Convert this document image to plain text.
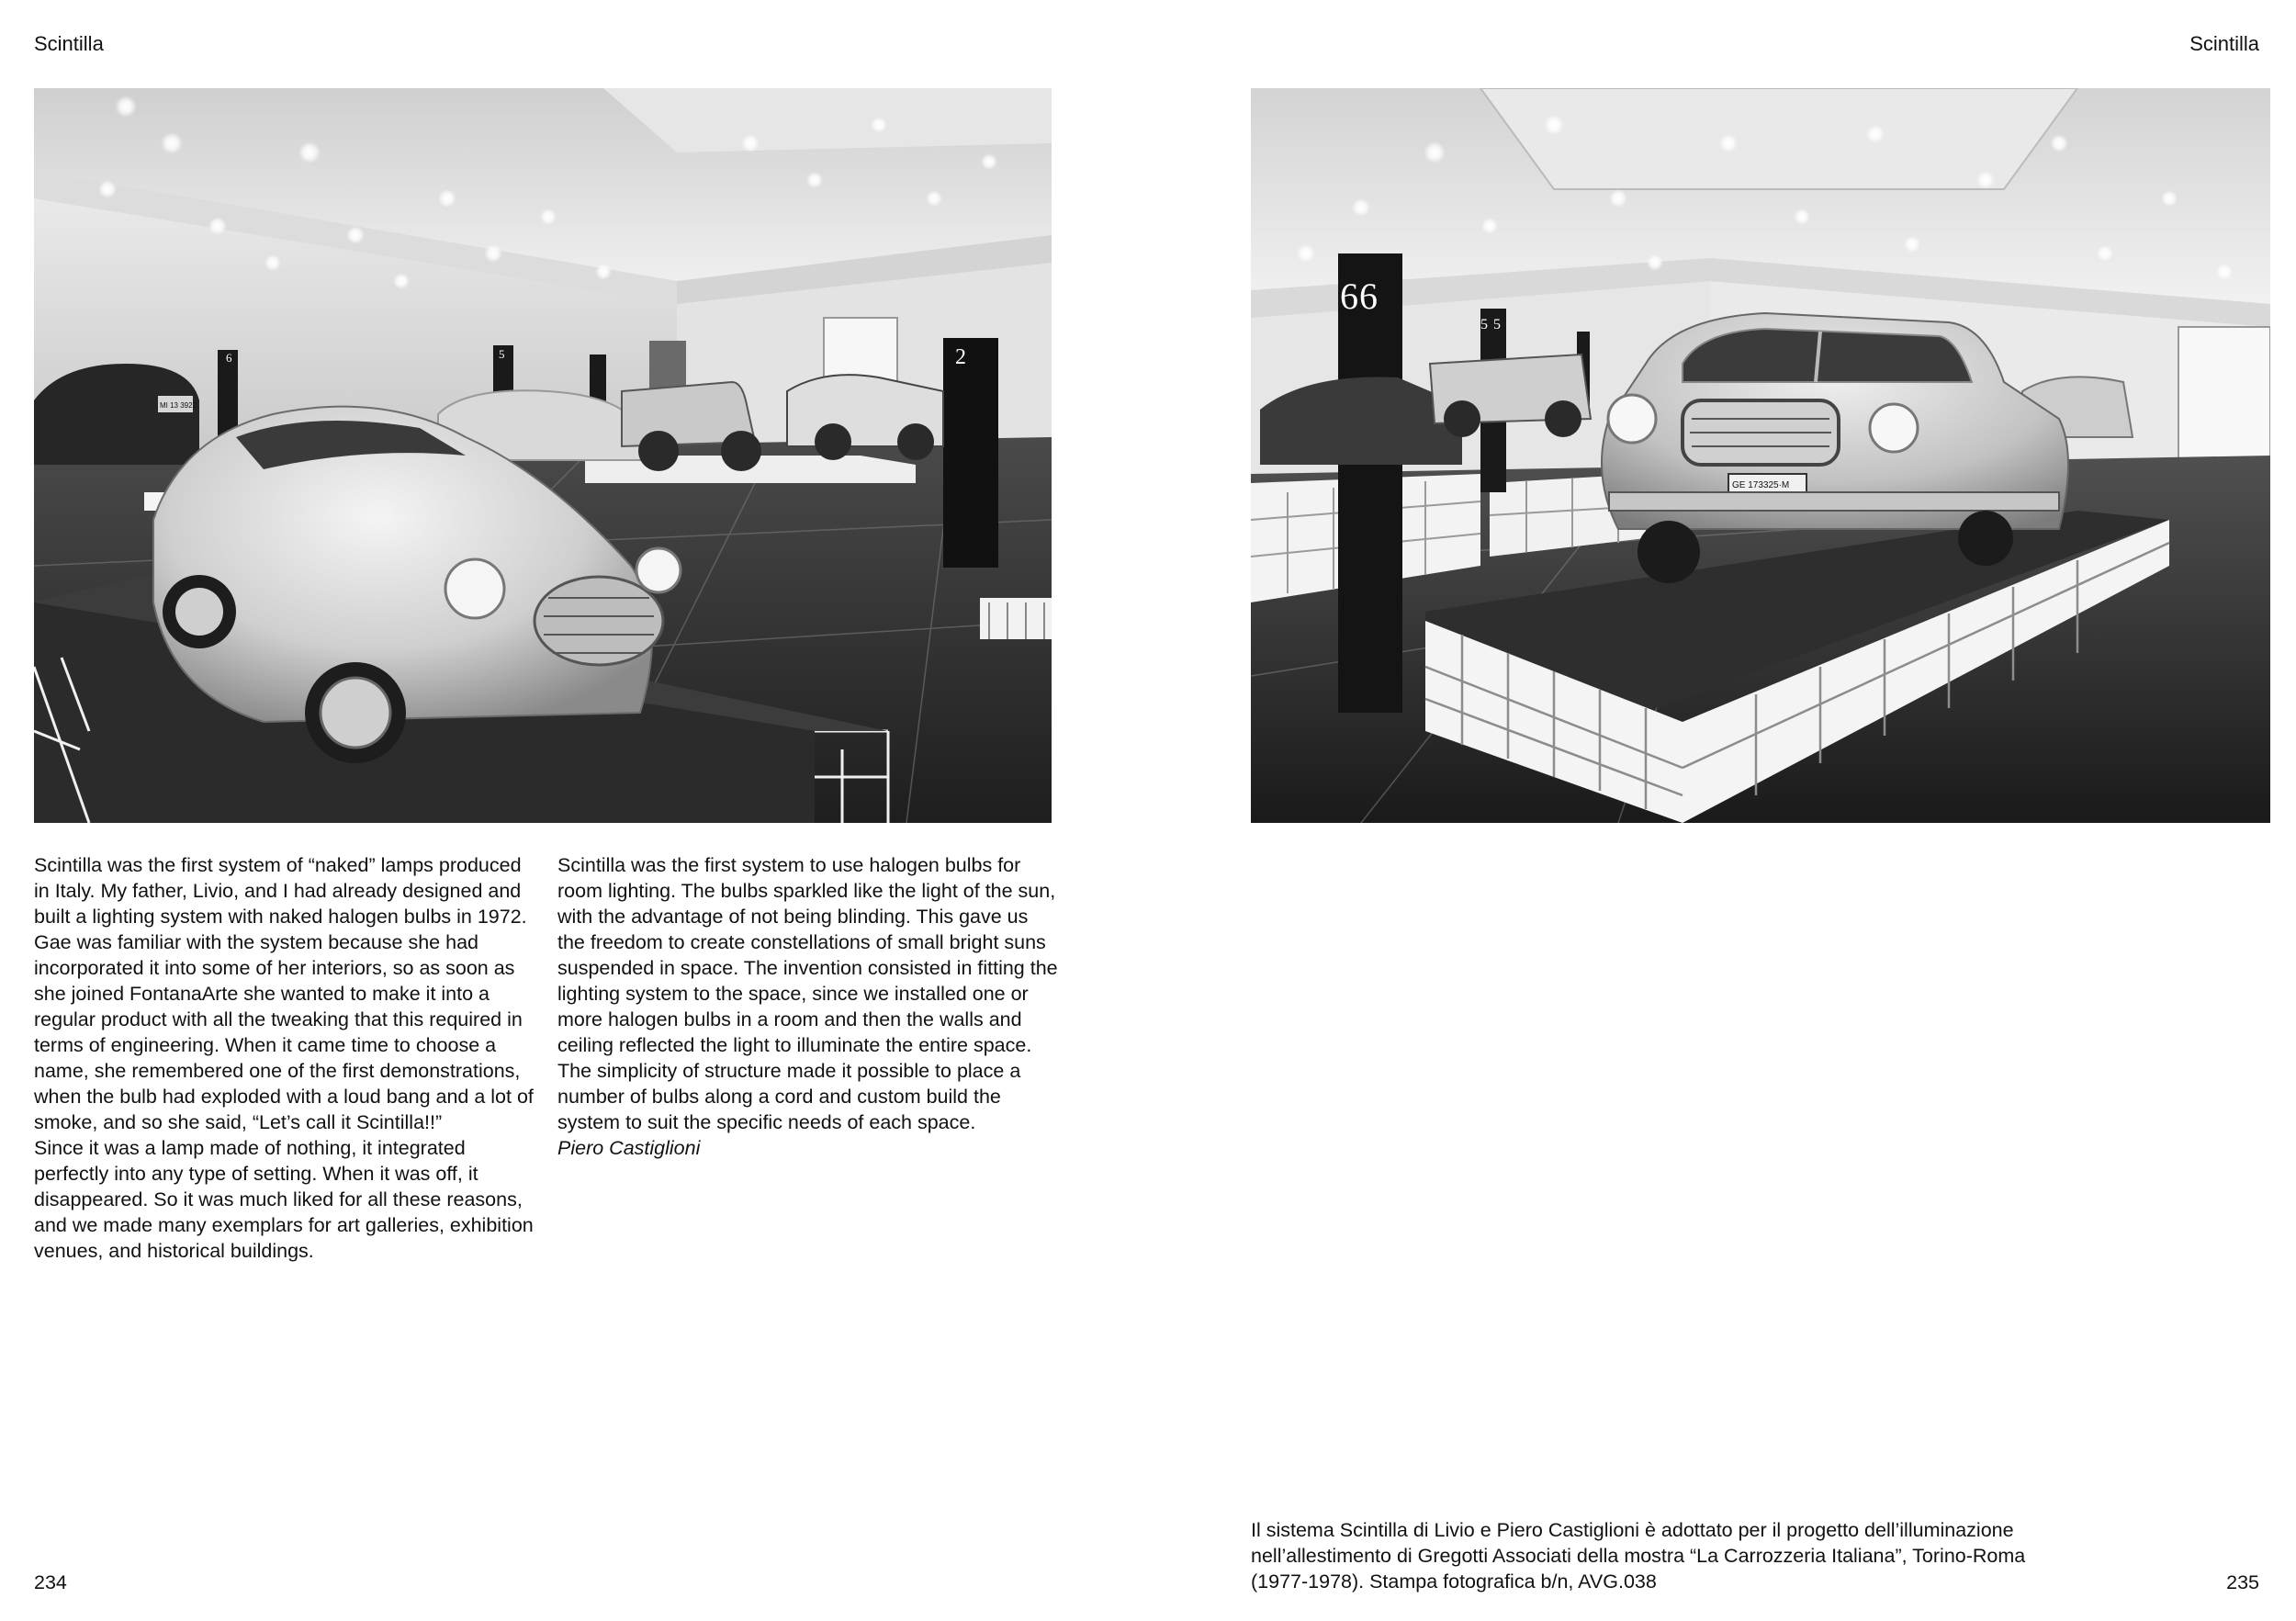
Scintilla	Scintilla
6	5	2
MI 13 3922
6 6
5 5
GE 173325·M
Scintilla was the first system of “naked” lamps produced in Italy. My father, Livio, and I had already designed and built a lighting system with naked halogen bulbs in 1972. Gae was familiar with the system because she had incorporated it into some of her interiors, so as soon as she joined FontanaArte she wanted to make it into a regular product with all the tweaking that this required in terms of engineering. When it came time to choose a name, she remembered one of the first demonstrations, when the bulb had exploded with a loud bang and a lot of smoke, and so she said, “Let’s call it Scintilla!!”
Since it was a lamp made of nothing, it integrated perfectly into any type of setting. When it was off, it disappeared. So it was much liked for all these reasons, and we made many exemplars for art galleries, exhibition venues, and historical buildings.
Scintilla was the first system to use halogen bulbs for room lighting. The bulbs sparkled like the light of the sun, with the advantage of not being blinding. This gave us the freedom to create constellations of small bright suns suspended in space. The invention consisted in fitting the lighting system to the space, since we installed one or more halogen bulbs in a room and then the walls and ceiling reflected the light to illuminate the entire space. The simplicity of structure made it possible to place a number of bulbs along a cord and custom build the system to suit the specific needs of each space.
Piero Castiglioni
Il sistema Scintilla di Livio e Piero Castiglioni è adottato per il progetto dell’illuminazione
nell’allestimento di Gregotti Associati della mostra “La Carrozzeria Italiana”, Torino-Roma
(1977-1978). Stampa fotografica b/n, AVG.038
234	235
